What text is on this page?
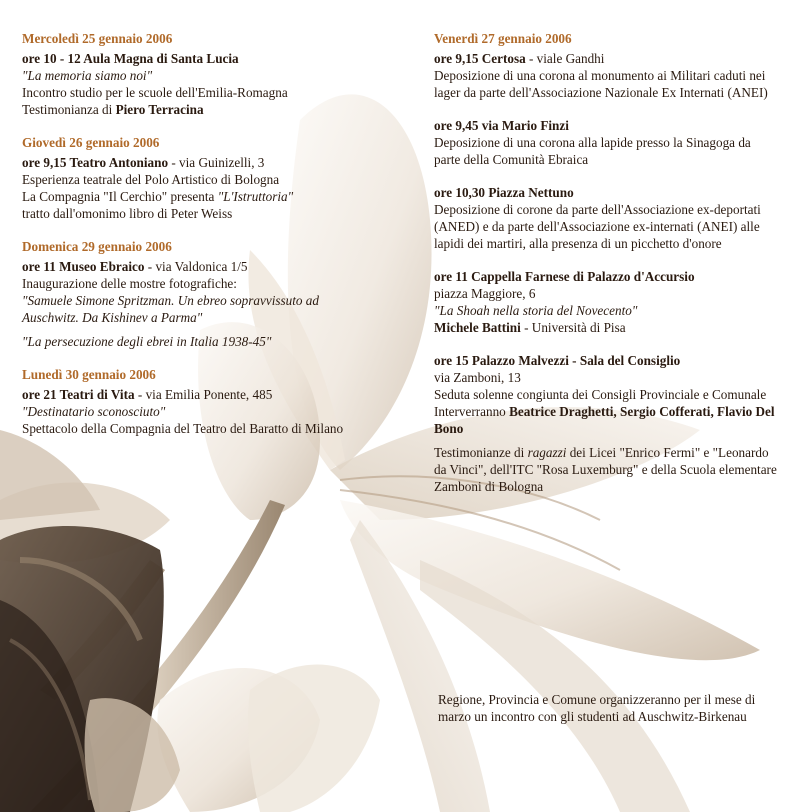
Mercoledì 25 gennaio 2006

ore 10 - 12 Aula Magna di Santa Lucia

"La memoria siamo noi"

Incontro studio per le scuole dell'Emilia-Romagna

Testimonianza di Piero Terracina

Giovedì 26 gennaio 2006

ore 9,15 Teatro Antoniano - via Guinizelli, 3

Esperienza teatrale del Polo Artistico di Bologna

La Compagnia "Il Cerchio" presenta "L'Istruttoria"

tratto dall'omonimo libro di Peter Weiss

Domenica 29 gennaio 2006

ore 11 Museo Ebraico - via Valdonica 1/5

Inaugurazione delle mostre fotografiche:

"Samuele Simone Spritzman. Un ebreo sopravvissuto ad Auschwitz. Da Kishinev a Parma"

"La persecuzione degli ebrei in Italia 1938-45"

Lunedì 30 gennaio 2006

ore 21 Teatri di Vita - via Emilia Ponente, 485

"Destinatario sconosciuto"

Spettacolo della Compagnia del Teatro del Baratto di Milano

Venerdì 27 gennaio 2006

ore 9,15 Certosa - viale Gandhi

Deposizione di una corona al monumento ai Militari caduti nei lager da parte dell'Associazione Nazionale Ex Internati (ANEI)

ore 9,45 via Mario Finzi

Deposizione di una corona alla lapide presso la Sinagoga da parte della Comunità Ebraica

ore 10,30 Piazza Nettuno

Deposizione di corone da parte dell'Associazione ex-deportati (ANED) e da parte dell'Associazione ex-internati (ANEI) alle lapidi dei martiri, alla presenza di un picchetto d'onore

ore 11 Cappella Farnese di Palazzo d'Accursio

piazza Maggiore, 6

"La Shoah nella storia del Novecento"

Michele Battini - Università di Pisa

ore 15 Palazzo Malvezzi - Sala del Consiglio

via Zamboni, 13

Seduta solenne congiunta dei Consigli Provinciale e Comunale

Interverranno Beatrice Draghetti, Sergio Cofferati, Flavio Del Bono

Testimonianze di ragazzi dei Licei "Enrico Fermi" e "Leonardo da Vinci", dell'ITC "Rosa Luxemburg" e della Scuola elementare Zamboni di Bologna

Regione, Provincia e Comune organizzeranno per il mese di marzo un incontro con gli studenti ad Auschwitz-Birkenau
